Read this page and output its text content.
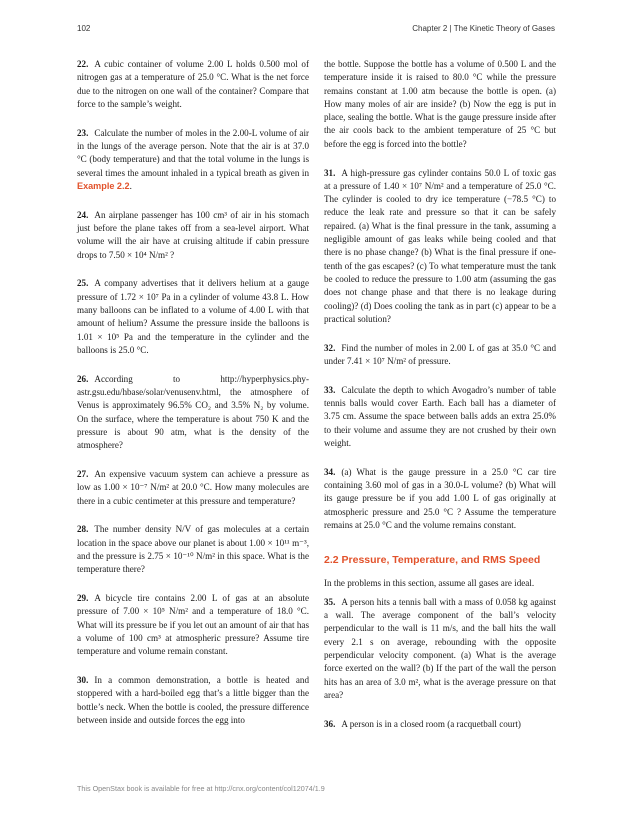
102	Chapter 2 | The Kinetic Theory of Gases

22. A cubic container of volume 2.00 L holds 0.500 mol of nitrogen gas at a temperature of 25.0 °C. What is the net force due to the nitrogen on one wall of the container? Compare that force to the sample’s weight.

23. Calculate the number of moles in the 2.00-L volume of air in the lungs of the average person. Note that the air is at 37.0 °C (body temperature) and that the total volume in the lungs is several times the amount inhaled in a typical breath as given in Example 2.2.

24. An airplane passenger has 100 cm³ of air in his stomach just before the plane takes off from a sea-level airport. What volume will the air have at cruising altitude if cabin pressure drops to 7.50 × 10⁴ N/m² ?

25. A company advertises that it delivers helium at a gauge pressure of 1.72 × 10⁷ Pa in a cylinder of volume 43.8 L. How many balloons can be inflated to a volume of 4.00 L with that amount of helium? Assume the pressure inside the balloons is 1.01 × 10⁵ Pa and the temperature in the cylinder and the balloons is 25.0 °C.

26. According to http://hyperphysics.phy-astr.gsu.edu/hbase/solar/venusenv.html, the atmosphere of Venus is approximately 96.5% CO₂ and 3.5% N₂ by volume. On the surface, where the temperature is about 750 K and the pressure is about 90 atm, what is the density of the atmosphere?

27. An expensive vacuum system can achieve a pressure as low as 1.00 × 10⁻⁷ N/m² at 20.0 °C. How many molecules are there in a cubic centimeter at this pressure and temperature?

28. The number density N/V of gas molecules at a certain location in the space above our planet is about 1.00 × 10¹¹ m⁻³, and the pressure is 2.75 × 10⁻¹⁰ N/m² in this space. What is the temperature there?

29. A bicycle tire contains 2.00 L of gas at an absolute pressure of 7.00 × 10⁵ N/m² and a temperature of 18.0 °C. What will its pressure be if you let out an amount of air that has a volume of 100 cm³ at atmospheric pressure? Assume tire temperature and volume remain constant.

30. In a common demonstration, a bottle is heated and stoppered with a hard-boiled egg that’s a little bigger than the bottle’s neck. When the bottle is cooled, the pressure difference between inside and outside forces the egg into

the bottle. Suppose the bottle has a volume of 0.500 L and the temperature inside it is raised to 80.0 °C while the pressure remains constant at 1.00 atm because the bottle is open. (a) How many moles of air are inside? (b) Now the egg is put in place, sealing the bottle. What is the gauge pressure inside after the air cools back to the ambient temperature of 25 °C but before the egg is forced into the bottle?

31. A high-pressure gas cylinder contains 50.0 L of toxic gas at a pressure of 1.40 × 10⁷ N/m² and a temperature of 25.0 °C. The cylinder is cooled to dry ice temperature (−78.5 °C) to reduce the leak rate and pressure so that it can be safely repaired. (a) What is the final pressure in the tank, assuming a negligible amount of gas leaks while being cooled and that there is no phase change? (b) What is the final pressure if one-tenth of the gas escapes? (c) To what temperature must the tank be cooled to reduce the pressure to 1.00 atm (assuming the gas does not change phase and that there is no leakage during cooling)? (d) Does cooling the tank as in part (c) appear to be a practical solution?

32. Find the number of moles in 2.00 L of gas at 35.0 °C and under 7.41 × 10⁷ N/m² of pressure.

33. Calculate the depth to which Avogadro’s number of table tennis balls would cover Earth. Each ball has a diameter of 3.75 cm. Assume the space between balls adds an extra 25.0% to their volume and assume they are not crushed by their own weight.

34. (a) What is the gauge pressure in a 25.0 °C car tire containing 3.60 mol of gas in a 30.0-L volume? (b) What will its gauge pressure be if you add 1.00 L of gas originally at atmospheric pressure and 25.0 °C ? Assume the temperature remains at 25.0 °C and the volume remains constant.

2.2 Pressure, Temperature, and RMS Speed

In the problems in this section, assume all gases are ideal.

35. A person hits a tennis ball with a mass of 0.058 kg against a wall. The average component of the ball’s velocity perpendicular to the wall is 11 m/s, and the ball hits the wall every 2.1 s on average, rebounding with the opposite perpendicular velocity component. (a) What is the average force exerted on the wall? (b) If the part of the wall the person hits has an area of 3.0 m², what is the average pressure on that area?

36. A person is in a closed room (a racquetball court)

This OpenStax book is available for free at http://cnx.org/content/col12074/1.9
